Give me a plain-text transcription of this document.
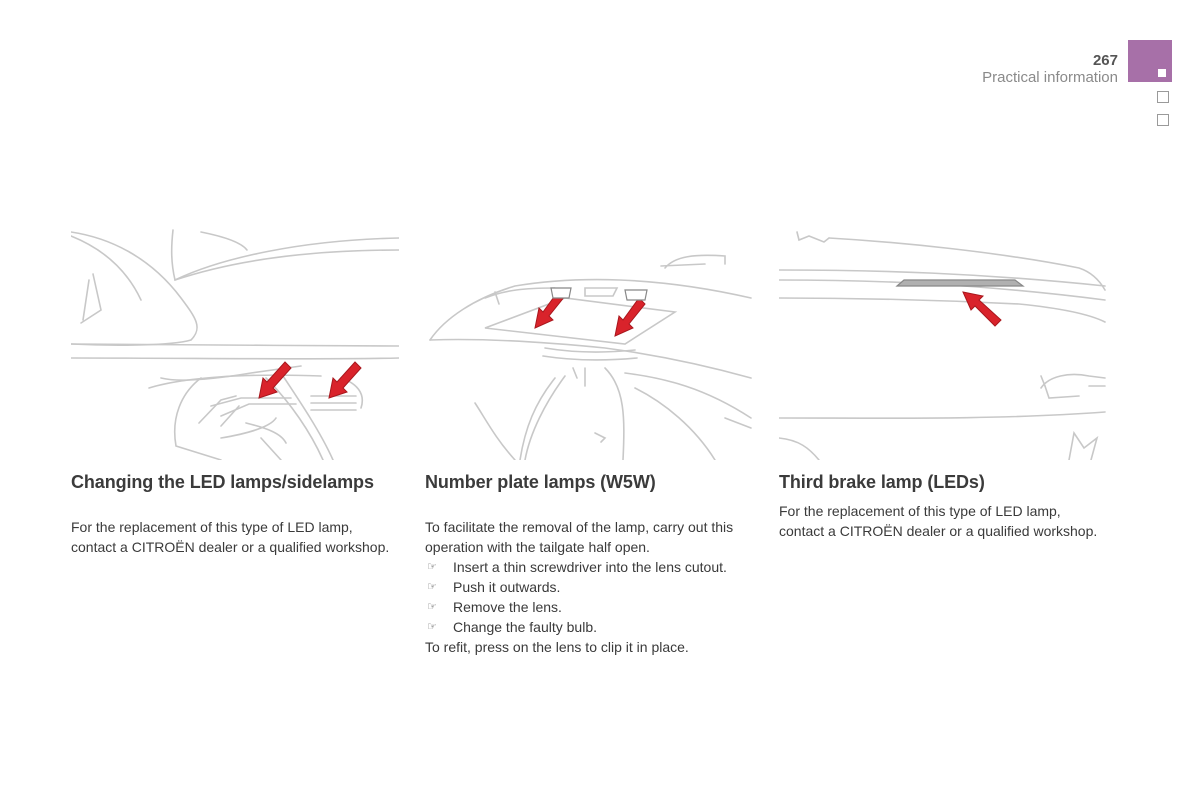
267
Practical information
Changing the LED lamps/sidelamps

For the replacement of this type of LED lamp, contact a CITROËN dealer or a qualified workshop.

Number plate lamps (W5W)

To facilitate the removal of the lamp, carry out this operation with the tailgate half open.

☞ Insert a thin screwdriver into the lens cutout.
☞ Push it outwards.
☞ Remove the lens.
☞ Change the faulty bulb.

To refit, press on the lens to clip it in place.

Third brake lamp (LEDs)

For the replacement of this type of LED lamp, contact a CITROËN dealer or a qualified workshop.
